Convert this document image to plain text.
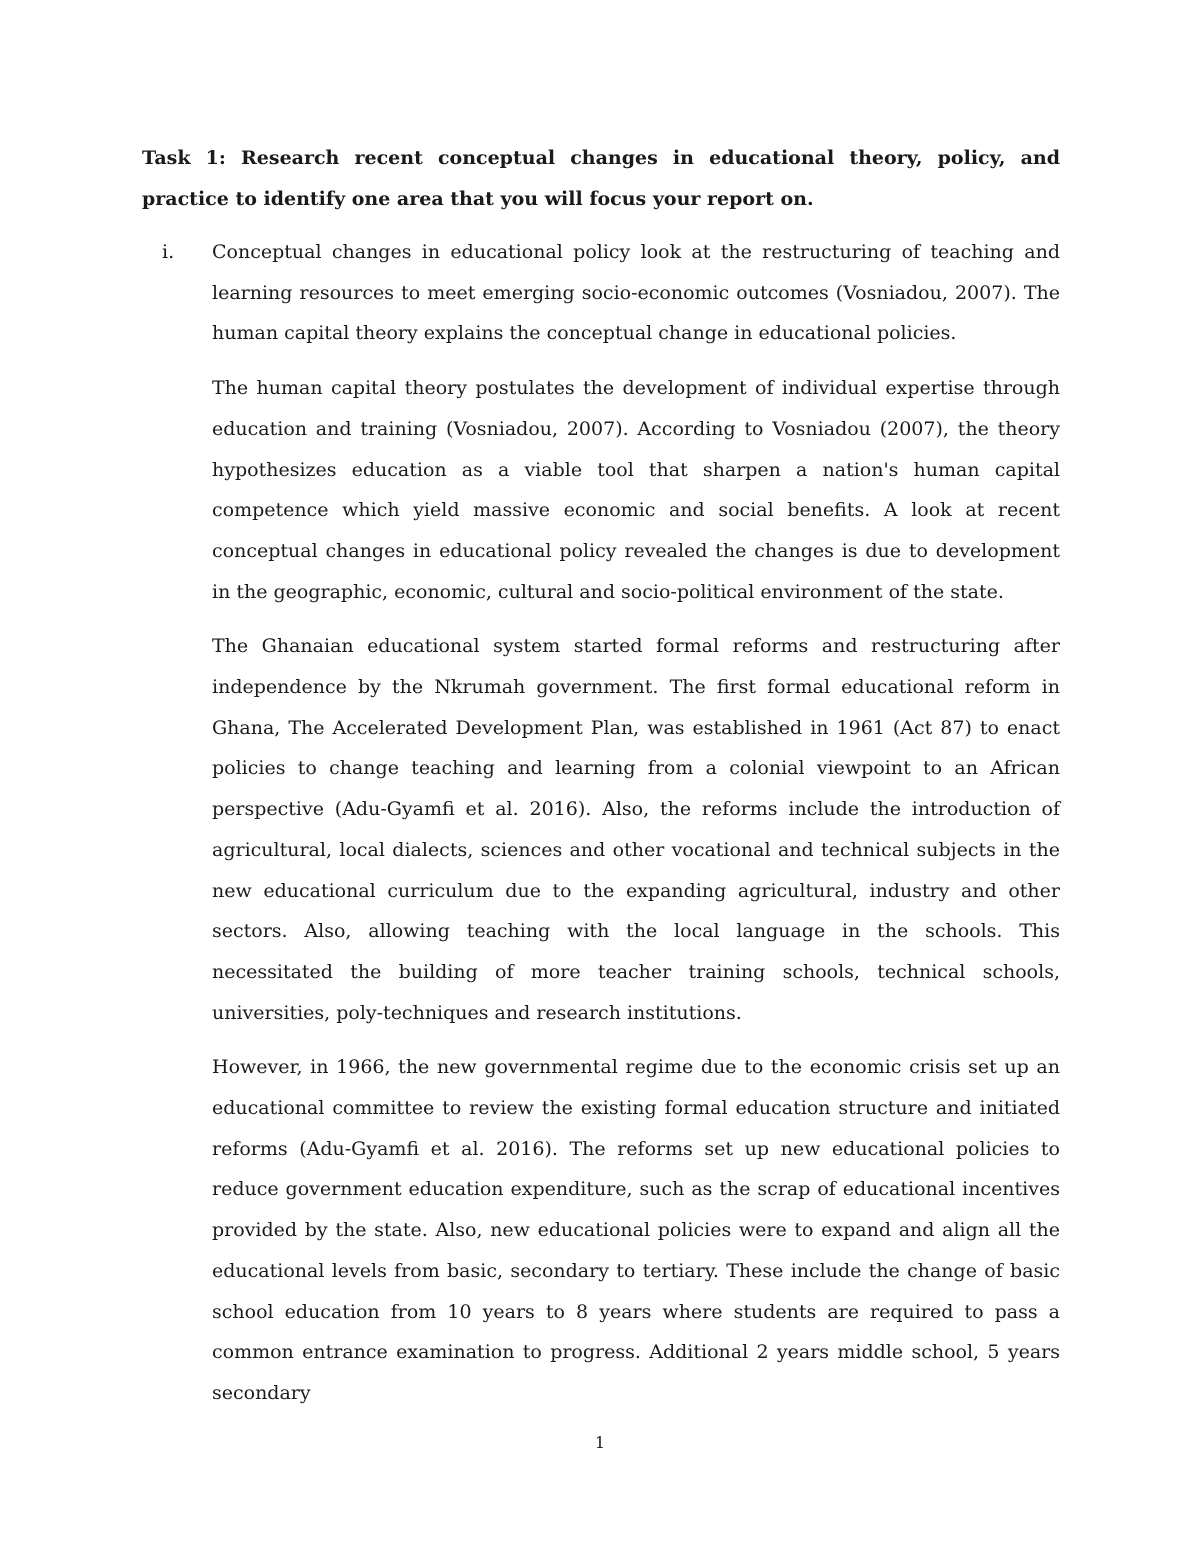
Task 1: Research recent conceptual changes in educational theory, policy, and practice to identify one area that you will focus your report on.

i. Conceptual changes in educational policy look at the restructuring of teaching and learning resources to meet emerging socio-economic outcomes (Vosniadou, 2007). The human capital theory explains the conceptual change in educational policies.

The human capital theory postulates the development of individual expertise through education and training (Vosniadou, 2007). According to Vosniadou (2007), the theory hypothesizes education as a viable tool that sharpen a nation's human capital competence which yield massive economic and social benefits. A look at recent conceptual changes in educational policy revealed the changes is due to development in the geographic, economic, cultural and socio-political environment of the state.

The Ghanaian educational system started formal reforms and restructuring after independence by the Nkrumah government. The first formal educational reform in Ghana, The Accelerated Development Plan, was established in 1961 (Act 87) to enact policies to change teaching and learning from a colonial viewpoint to an African perspective (Adu-Gyamfi et al. 2016). Also, the reforms include the introduction of agricultural, local dialects, sciences and other vocational and technical subjects in the new educational curriculum due to the expanding agricultural, industry and other sectors. Also, allowing teaching with the local language in the schools. This necessitated the building of more teacher training schools, technical schools, universities, poly-techniques and research institutions.

However, in 1966, the new governmental regime due to the economic crisis set up an educational committee to review the existing formal education structure and initiated reforms (Adu-Gyamfi et al. 2016). The reforms set up new educational policies to reduce government education expenditure, such as the scrap of educational incentives provided by the state. Also, new educational policies were to expand and align all the educational levels from basic, secondary to tertiary. These include the change of basic school education from 10 years to 8 years where students are required to pass a common entrance examination to progress. Additional 2 years middle school, 5 years secondary

1
